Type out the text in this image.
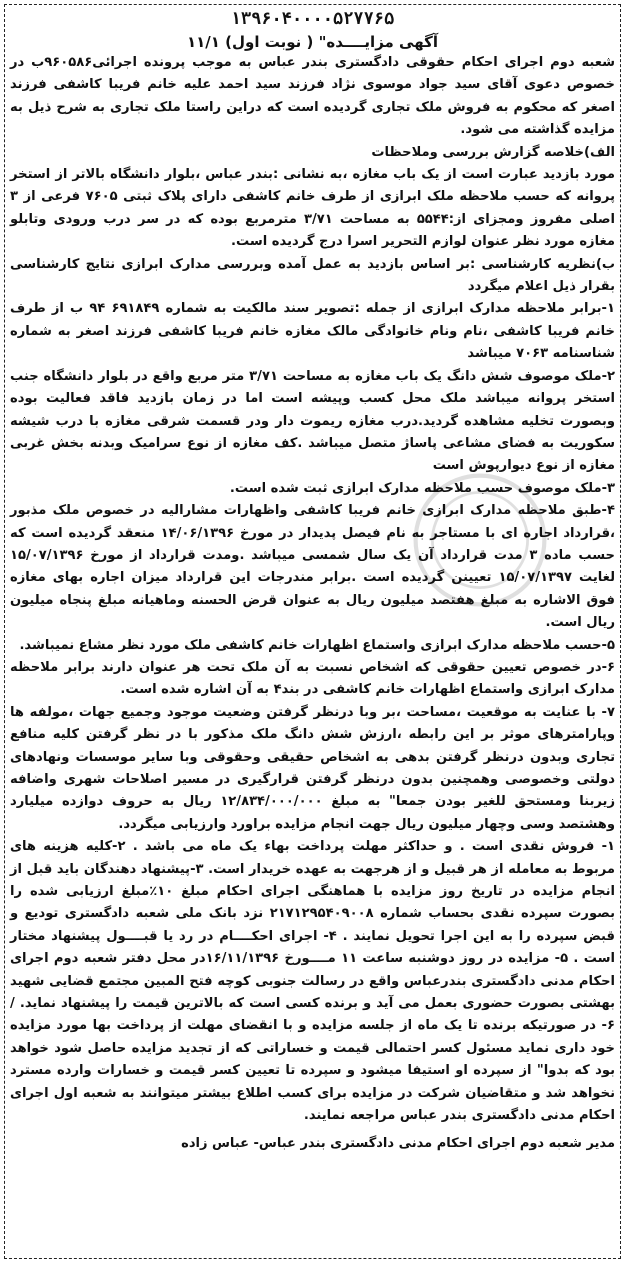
۱۳۹۶۰۴۰۰۰۰۵۲۷۷۶۵
آگهی مزایــــده" ( نوبت اول) ۱۱/۱

شعبه دوم اجرای احکام حقوقی دادگستری بندر عباس به موجب پرونده اجرائی۹۶۰۵۸۶ب در خصوص دعوی آقای سید جواد موسوی نژاد فرزند سید احمد علیه خانم فریبا کاشفی فرزند اصغر که محکوم به فروش ملک تجاری گردیده است که دراین راستا ملک تجاری به شرح ذیل به مزایده گذاشته می شود.

الف)خلاصه گزارش بررسی وملاحظات

مورد بازدید عبارت است از یک باب مغازه ،به نشانی :بندر عباس ،بلوار دانشگاه بالاتر از استخر پروانه که حسب ملاحظه ملک ابرازی از طرف خانم کاشفی دارای پلاک ثبتی ۷۶۰۵ فرعی از ۳ اصلی مفروز ومجزای از:۵۵۴۴ به مساحت ۳/۷۱ مترمربع بوده که در سر درب ورودی وتابلو مغازه مورد نظر عنوان لوازم التحریر اسرا درج گردیده است.

ب)نظریه کارشناسی :بر اساس بازدید به عمل آمده وبررسی مدارک ابرازی نتایج کارشناسی بقرار ذیل اعلام میگردد

۱-برابر ملاحظه مدارک ابرازی از جمله :تصویر سند مالکیت به شماره ۶۹۱۸۴۹ ۹۴ ب از طرف خانم فریبا کاشفی ،نام ونام خانوادگی مالک مغازه خانم فریبا کاشفی فرزند اصغر به شماره شناسنامه ۷۰۶۳ میباشد

۲-ملک موصوف شش دانگ یک باب مغازه به مساحت ۳/۷۱ متر مربع واقع در بلوار دانشگاه جنب استخر پروانه میباشد ملک محل کسب وپیشه است اما در زمان بازدید فاقد فعالیت بوده وبصورت تخلیه مشاهده گردید.درب مغازه ریموت دار ودر قسمت شرقی مغازه با درب شیشه سکوریت به فضای مشاعی پاساژ متصل میباشد .کف مغازه از نوع سرامیک وبدنه بخش غربی مغازه از نوع دیوارپوش است

۳-ملک موصوف حسب ملاحظه مدارک ابرازی ثبت شده است.

۴-طبق ملاحظه مدارک ابرازی خانم فریبا کاشفی واظهارات مشارالیه در خصوص ملک مذبور ،قرارداد اجاره ای با مستاجر به نام فیصل پدیدار در مورخ ۱۴/۰۶/۱۳۹۶ منعقد گردیده است که حسب ماده ۳ مدت قرارداد آن یک سال شمسی میباشد .ومدت قرارداد از مورخ ۱۵/۰۷/۱۳۹۶ لغایت ۱۵/۰۷/۱۳۹۷ تعیینن گردیده است .برابر مندرجات این قرارداد میزان اجاره بهای مغازه فوق الاشاره به مبلغ هفتصد میلیون ریال به عنوان قرض الحسنه وماهیانه مبلغ پنجاه میلیون ریال است.

۵-حسب ملاحظه مدارک ابرازی واستماع اظهارات خانم کاشفی ملک مورد نظر مشاع نمیباشد.

۶-در خصوص تعیین حقوقی که اشخاص نسبت به آن ملک تحت هر عنوان دارند برابر ملاحظه مدارک ابرازی واستماع اظهارات خانم کاشفی در بند۴ به آن اشاره شده است.

۷- با عنایت به موقعیت ،مساحت ،بر وبا درنظر گرفتن وضعیت موجود وجمیع جهات ،مولفه ها وپارامترهای موثر بر این رابطه ،ارزش شش دانگ ملک مذکور با در نظر گرفتن کلیه منافع تجاری وبدون درنظر گرفتن بدهی به اشخاص حقیقی وحقوقی وبا سایر موسسات ونهادهای دولتی وخصوصی وهمچنین بدون درنظر گرفتن قرارگیری در مسیر اصلاحات شهری واضافه زیربنا ومستحق للغیر بودن جمعا" به مبلغ ۱۲/۸۳۴/۰۰۰/۰۰۰ ریال به حروف دوازده میلیارد وهشتصد وسی وچهار میلیون ریال جهت انجام مزایده براورد وارزیابی میگردد.

۱- فروش نقدی است . و حداکثر مهلت پرداخت بهاء یک ماه می باشد . ۲-کلیه هزینه های مربوط به معامله از هر قبیل و از هرجهت به عهده خریدار است. ۳-پیشنهاد دهندگان باید قبل از انجام مزایده در تاریخ روز مزایده با هماهنگی اجرای احکام مبلغ ۱۰٪مبلغ ارزیابی شده را بصورت سپرده نقدی بحساب شماره ۲۱۷۱۲۹۵۴۰۹۰۰۸ نزد بانک ملی شعبه دادگستری تودیع و قبض سپرده را به این اجرا تحویل نمایند . ۴- اجرای احکــــام در رد یا قبــــول پیشنهاد مختار است . ۵- مزایده در روز دوشنبه ساعت ۱۱ مــــورخ ۱۶/۱۱/۱۳۹۶در محل دفتر شعبه دوم اجرای احکام مدنی دادگستری بندرعباس واقع در رسالت جنوبی کوچه فتح المبین مجتمع قضایی شهید بهشتی بصورت حضوری بعمل می آید و برنده کسی است که بالاترین قیمت را پیشنهاد نماید. / ۶- در صورتیکه برنده تا یک ماه از جلسه مزایده و با انقضای مهلت از پرداخت بها مورد مزایده خود داری نماید مسئول کسر احتمالی قیمت و خساراتی که از تجدید مزایده حاصل شود خواهد بود که بدوا" از سپرده او استیفا میشود و سپرده تا تعیین کسر قیمت و خسارات وارده مسترد نخواهد شد و متقاضیان شرکت در مزایده برای کسب اطلاع بیشتر میتوانند به شعبه اول اجرای احکام مدنی دادگستری بندر عباس مراجعه نمایند.

مدیر شعبه دوم اجرای احکام مدنی دادگستری بندر عباس- عباس زاده
